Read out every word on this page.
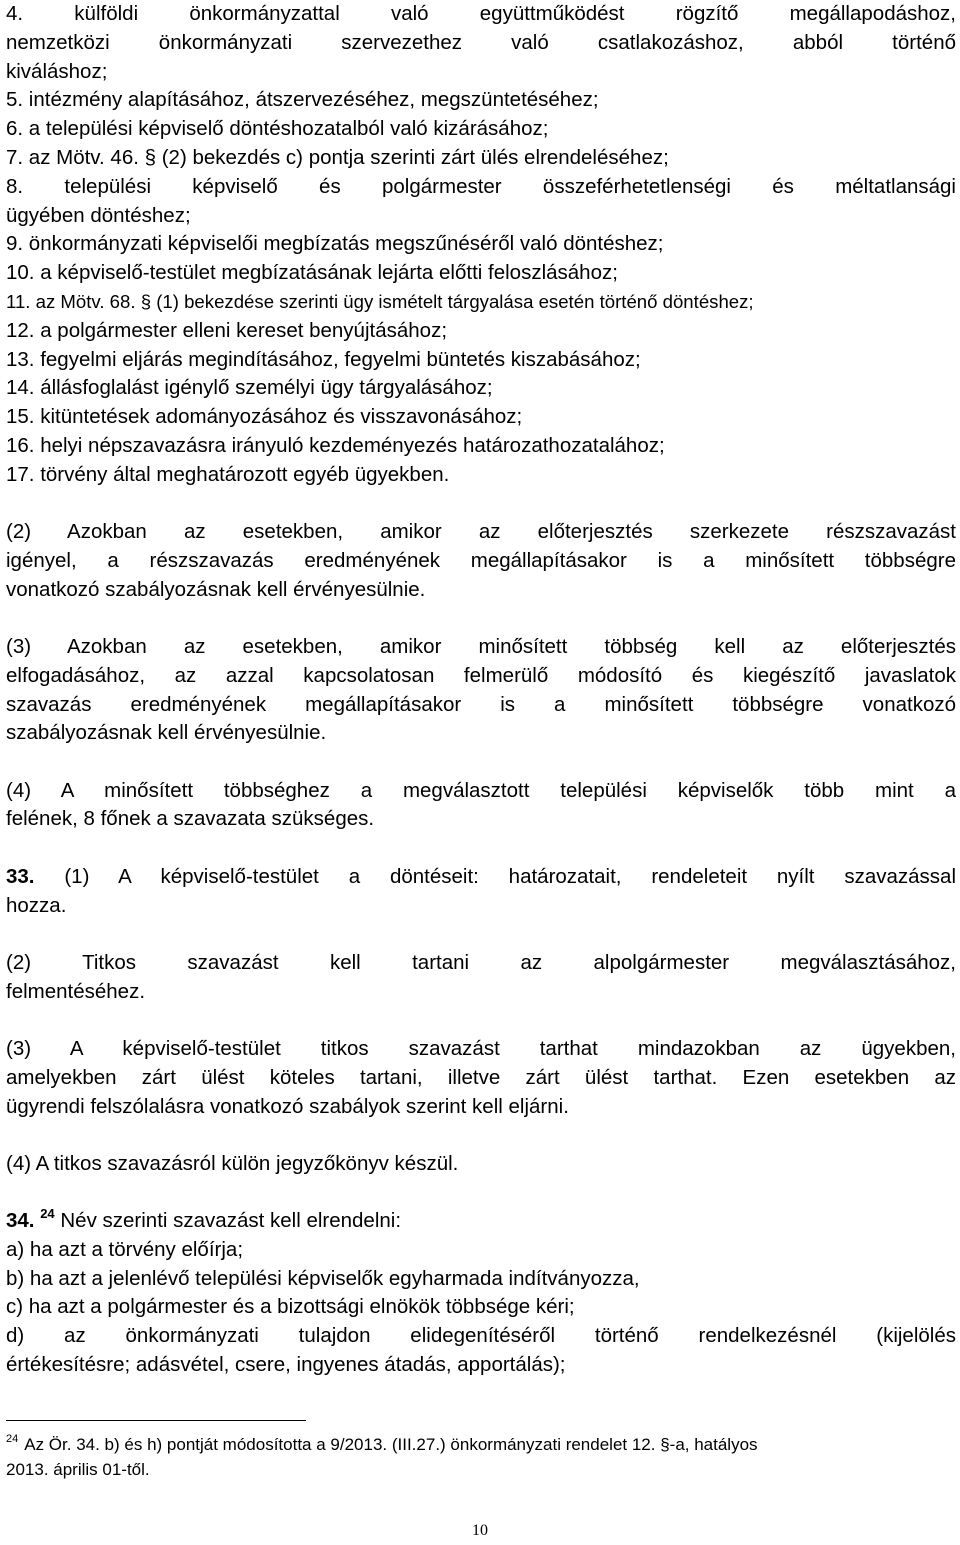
4. külföldi önkormányzattal való együttműködést rögzítő megállapodáshoz,
nemzetközi önkormányzati szervezethez való csatlakozáshoz, abból történő
kiváláshoz;
5. intézmény alapításához, átszervezéséhez, megszüntetéséhez;
6. a települési képviselő döntéshozatalból való kizárásához;
7. az Mötv. 46. § (2) bekezdés c) pontja szerinti zárt ülés elrendeléséhez;
8. települési képviselő és polgármester összeférhetetlenségi és méltatlansági
ügyében döntéshez;
9. önkormányzati képviselői megbízatás megszűnéséről való döntéshez;
10. a képviselő-testület megbízatásának lejárta előtti feloszlásához;
11. az Mötv. 68. § (1) bekezdése szerinti ügy ismételt tárgyalása esetén történő döntéshez;
12. a polgármester elleni kereset benyújtásához;
13. fegyelmi eljárás megindításához, fegyelmi büntetés kiszabásához;
14. állásfoglalást igénylő személyi ügy tárgyalásához;
15. kitüntetések adományozásához és visszavonásához;
16. helyi népszavazásra irányuló kezdeményezés határozathozatalához;
17. törvény által meghatározott egyéb ügyekben.
(2) Azokban az esetekben, amikor az előterjesztés szerkezete részszavazást
igényel, a részszavazás eredményének megállapításakor is a minősített többségre
vonatkozó szabályozásnak kell érvényesülnie.
(3) Azokban az esetekben, amikor minősített többség kell az előterjesztés
elfogadásához, az azzal kapcsolatosan felmerülő módosító és kiegészítő javaslatok
szavazás eredményének megállapításakor is a minősített többségre vonatkozó
szabályozásnak kell érvényesülnie.
(4) A minősített többséghez a megválasztott települési képviselők több mint a
felének, 8 főnek a szavazata szükséges.
33. (1) A képviselő-testület a döntéseit: határozatait, rendeleteit nyílt szavazással
hozza.
(2) Titkos szavazást kell tartani az alpolgármester megválasztásához,
felmentéséhez.
(3) A képviselő-testület titkos szavazást tarthat mindazokban az ügyekben,
amelyekben zárt ülést köteles tartani, illetve zárt ülést tarthat. Ezen esetekben az
ügyrendi felszólalásra vonatkozó szabályok szerint kell eljárni.
(4) A titkos szavazásról külön jegyzőkönyv készül.
34. $^{24}$ Név szerinti szavazást kell elrendelni:
a) ha azt a törvény előírja;
b) ha azt a jelenlévő települési képviselők egyharmada indítványozza,
c) ha azt a polgármester és a bizottsági elnökök többsége kéri;
d) az önkormányzati tulajdon elidegenítéséről történő rendelkezésnél (kijelölés
értékesítésre; adásvétel, csere, ingyenes átadás, apportálás);
$^{24}$ Az Ör. 34. b) és h) pontját módosította a 9/2013. (III.27.) önkormányzati rendelet 12. §-a, hatályos
2013. április 01-től.
10
